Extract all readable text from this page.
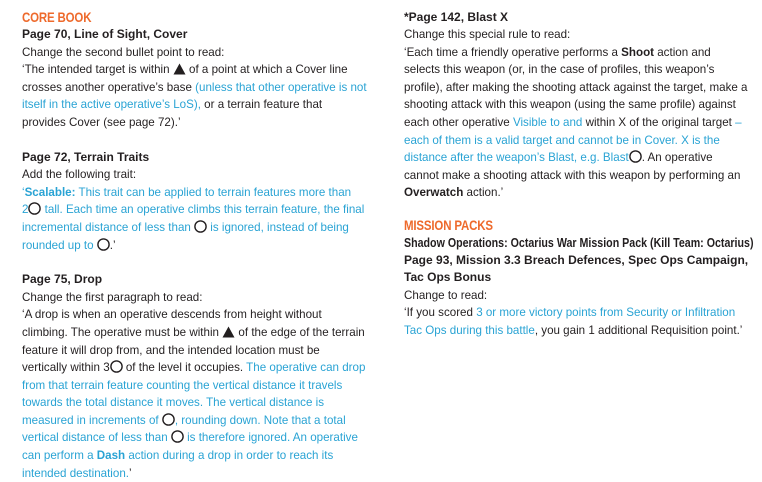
CORE BOOK
Page 70, Line of Sight, Cover
Change the second bullet point to read:

‘The intended target is within  of a point at which a Cover line crosses another operative’s base (unless that other operative is not itself in the active operative’s LoS), or a terrain feature that provides Cover (see page 72).’

Page 72, Terrain Traits
Add the following trait:

‘Scalable: This trait can be applied to terrain features more than
2 tall. Each time an operative climbs this terrain feature, the final incremental distance of less than  is ignored, instead of being rounded up to .’

Page 75, Drop
Change the first paragraph to read:

‘A drop is when an operative descends from height without climbing. The operative must be within  of the edge of the terrain feature it will drop from, and the intended location must be vertically within 3 of the level it occupies. The operative can drop from that terrain feature counting the vertical distance it travels towards the total distance it moves. The vertical distance is measured in increments of , rounding down. Note that a total vertical distance of less than  is therefore ignored. An operative can perform a Dash action during a drop in order to reach its intended destination.’

*Page 142, Blast X
Change this special rule to read:

‘Each time a friendly operative performs a Shoot action and selects this weapon (or, in the case of profiles, this weapon’s profile), after making the shooting attack against the target, make a shooting attack with this weapon (using the same profile) against each other operative Visible to and within X of the original target – each of them is a valid target and cannot be in Cover. X is the distance after the weapon’s Blast, e.g. Blast . An operative cannot make a shooting attack with this weapon by performing an Overwatch action.’

MISSION PACKS
Shadow Operations: Octarius War Mission Pack (Kill Team: Octarius)
Page 93, Mission 3.3 Breach Defences, Spec Ops Campaign, Tac Ops Bonus
Change to read:

‘If you scored 3 or more victory points from Security or Infiltration Tac Ops during this battle, you gain 1 additional Requisition point.’
